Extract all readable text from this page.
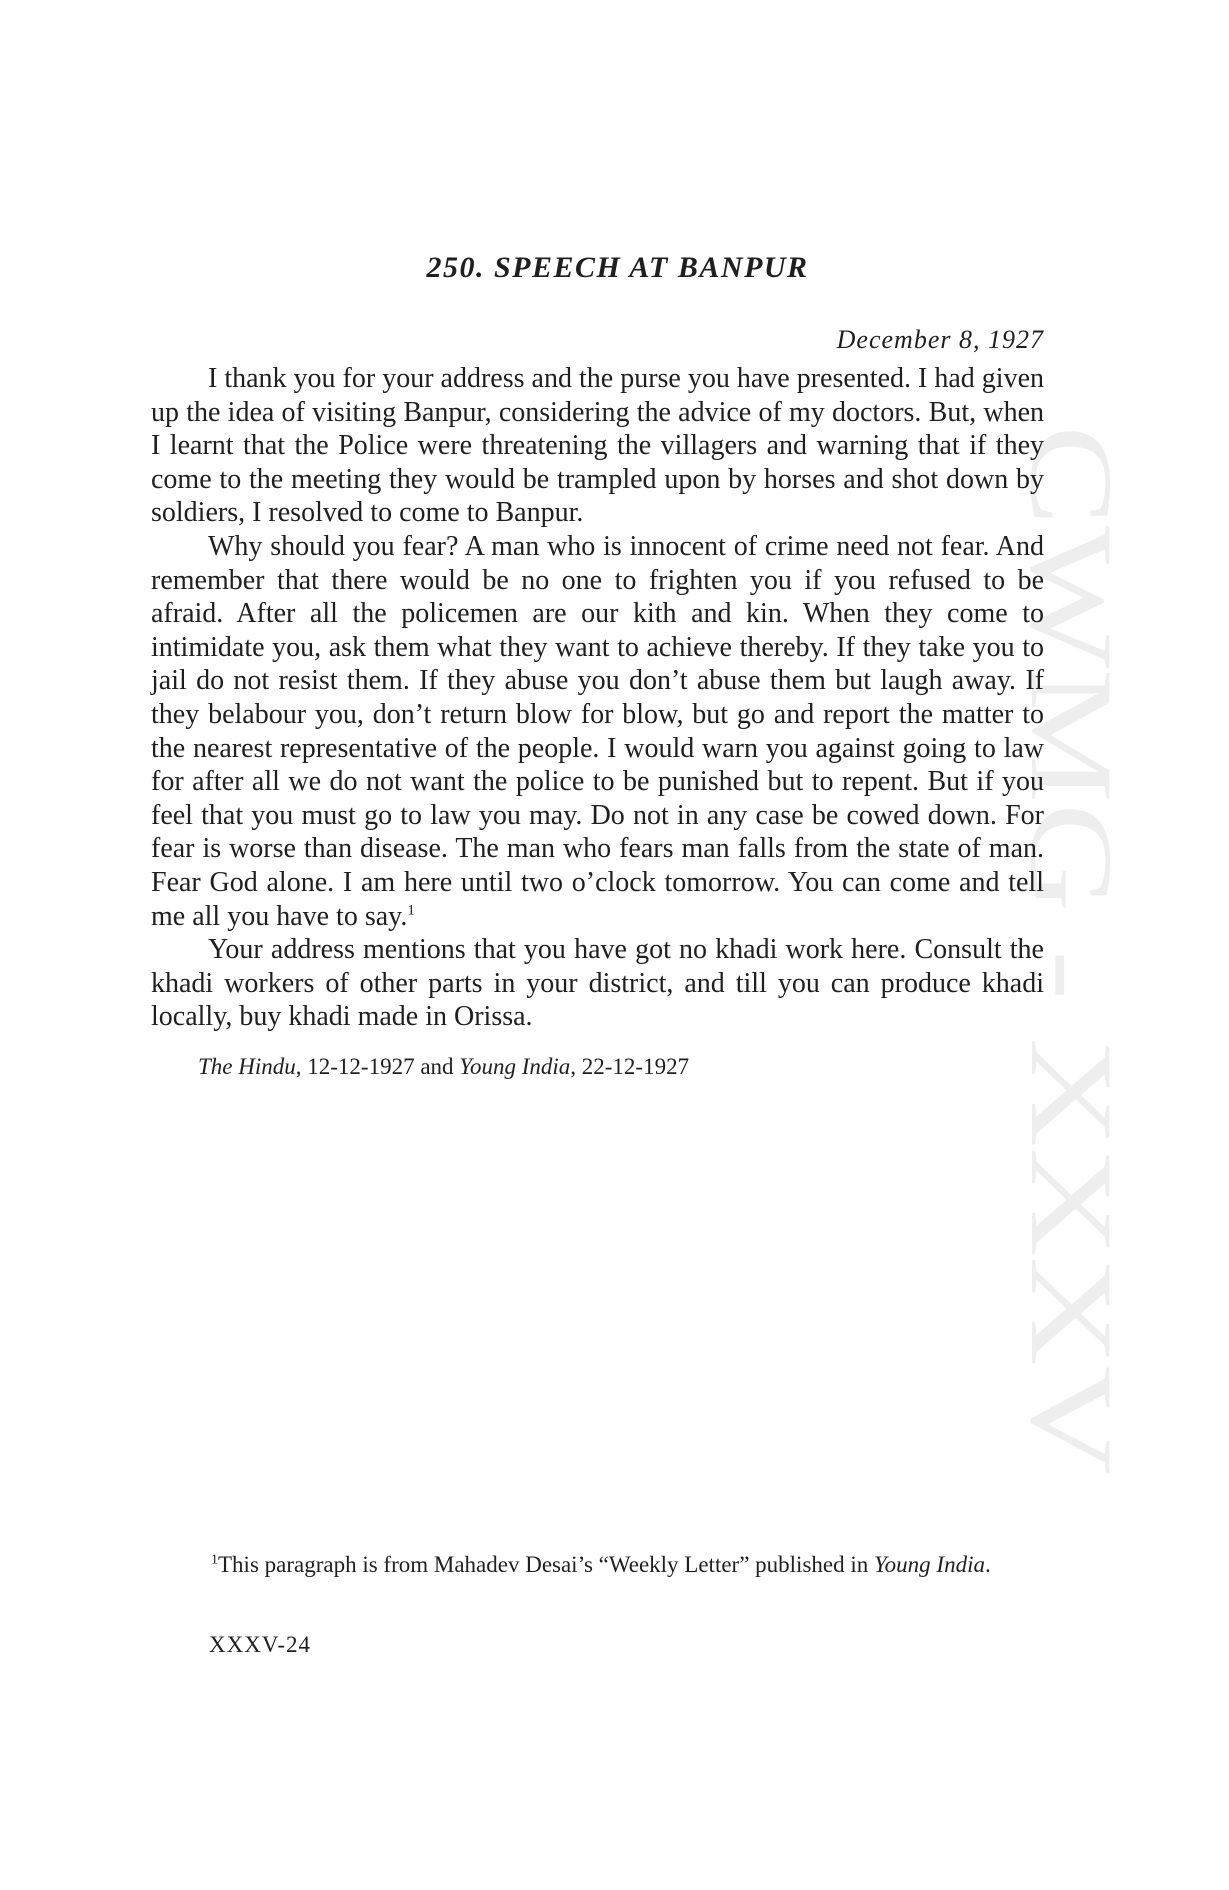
CWMG - XXXV
250. SPEECH AT BANPUR
December 8, 1927

I thank you for your address and the purse you have presented. I had given up the idea of visiting Banpur, considering the advice of my doctors. But, when I learnt that the Police were threatening the villagers and warning that if they come to the meeting they would be trampled upon by horses and shot down by soldiers, I resolved to come to Banpur.

Why should you fear? A man who is innocent of crime need not fear. And remember that there would be no one to frighten you if you refused to be afraid. After all the policemen are our kith and kin. When they come to intimidate you, ask them what they want to achieve thereby. If they take you to jail do not resist them. If they abuse you don’t abuse them but laugh away. If they belabour you, don’t return blow for blow, but go and report the matter to the nearest representative of the people. I would warn you against going to law for after all we do not want the police to be punished but to repent. But if you feel that you must go to law you may. Do not in any case be cowed down. For fear is worse than disease. The man who fears man falls from the state of man. Fear God alone. I am here until two o’clock tomorrow. You can come and tell me all you have to say.$^1$

Your address mentions that you have got no khadi work here. Consult the khadi workers of other parts in your district, and till you can produce khadi locally, buy khadi made in Orissa.

The Hindu, 12-12-1927 and Young India, 22-12-1927
$^1$This paragraph is from Mahadev Desai’s “Weekly Letter” published in Young India.
XXXV-24
